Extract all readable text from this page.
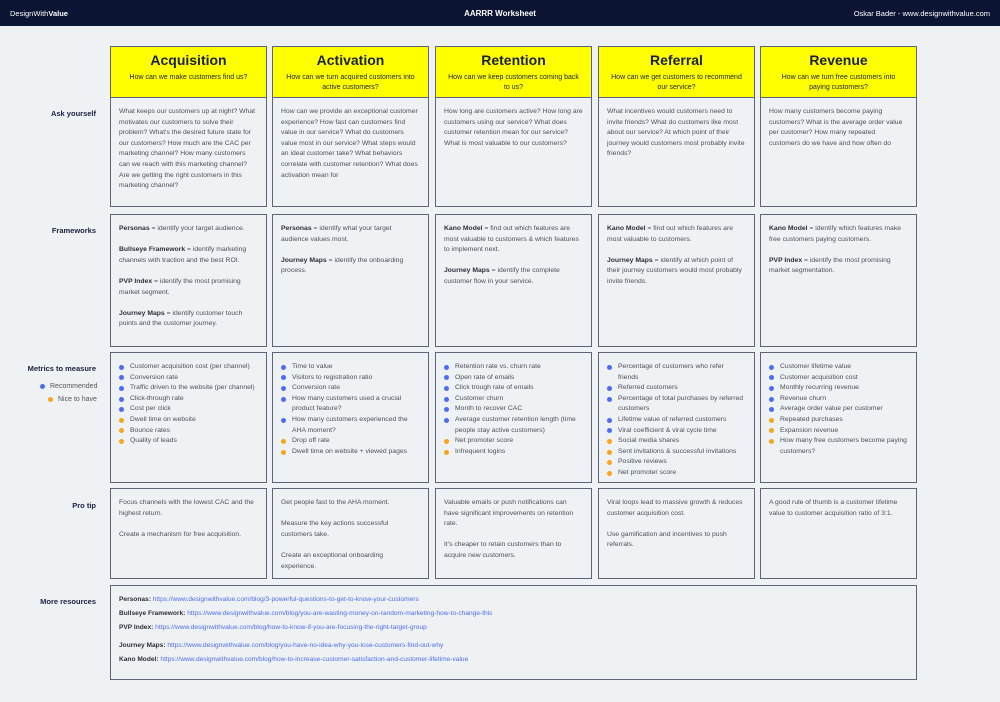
DesignWithValue	AARRR Worksheet	Oskar Bader - www.designwithvalue.com
Ask yourself
Frameworks
Metrics to measure
Recommended
Nice to have
Pro tip
More resources
Acquisition

How can we make customers find us?

What keeps our customers up at night? What motivates our customers to solve their problem? What's the desired future state for our customers? How much are the CAC per marketing channel? How many customers can we reach with this marketing channel? Are we getting the right customers in this marketing channel?

Personas = identify your target audience.

Bullseye Framework = identify marketing channels with traction and the best ROI.

PVP Index = identify the most promising market segment.

Journey Maps = identify customer touch points and the customer journey.

Customer acquisition cost (per channel)
Conversion rate
Traffic driven to the website (per channel)
Click-through rate
Cost per click
Dwell time on website
Bounce rates
Quality of leads

Focus channels with the lowest CAC and the highest return.

Create a mechanism for free acquisition.

Activation

How can we turn acquired customers into active customers?

How can we provide an exceptional customer experience? How fast can customers find value in our service? What do customers value most in our service? What steps would an ideal customer take? What behaviors correlate with customer retention? What does activation mean for

Personas = identify what your target audience values most.

Journey Maps = identify the onboarding process.

Time to value
Visitors to registration ratio
Conversion rate
How many customers used a crucial product feature?
How many customers experienced the AHA moment?
Drop off rate
Dwell time on website + viewed pages

Get people fast to the AHA moment.

Measure the key actions successful customers take.

Create an exceptional onboarding experience.

Retention

How can we keep customers coming back to us?

How long are customers active? How long are customers using our service? What does customer retention mean for our service? What is most valuable to our customers?

Kano Model = find out which features are most valuable to customers & which features to implement next.

Journey Maps = identify the complete customer flow in your service.

Retention rate vs. churn rate
Open rate of emails
Click trough rate of emails
Customer churn
Month to recover CAC
Average customer retention length (time people stay active customers)
Net promoter score
Infrequent logins

Valuable emails or push notifications can have significant improvements on retention rate.

It's cheaper to retain customers than to acquire new customers.

Referral

How can we get customers to recommend our service?

What incentives would customers need to invite friends? What do customers like most about our service? At which point of their journey would customers most probably invite friends?

Kano Model = find out which features are most valuable to customers.

Journey Maps = identify at which point of their journey customers would most probably invite friends.

Percentage of customers who refer friends
Referred customers
Percentage of total purchases by referred customers
Lifetime value of referred customers
Viral coefficient & viral cycle time
Social media shares
Sent invitations & successful invitations
Positive reviews
Net promoter score

Viral loops lead to massive growth & reduces customer acquisition cost.

Use gamification and incentives to push referrals.

Revenue

How can we turn free customers into paying customers?

How many customers become paying customers? What is the average order value per customer? How many repeated customers do we have and how often do

Kano Model = identify which features make free customers paying customers.

PVP Index = identify the most promising market segmentation.

Customer lifetime value
Customer acquisition cost
Monthly recurring revenue
Revenue churn
Average order value per customer
Repeated purchases
Expansion revenue
How many free customers become paying customers?

A good rule of thumb is a customer lifetime value to customer acquisition ratio of 3:1.

Personas: https://www.designwithvalue.com/blog/3-powerful-questions-to-get-to-know-your-customers
Bullseye Framework: https://www.designwithvalue.com/blog/you-are-wasting-money-on-random-marketing-how-to-change-this
PVP Index: https://www.designwithvalue.com/blog/how-to-know-if-you-are-focusing-the-right-target-group
Journey Maps: https://www.designwithvalue.com/blog/you-have-no-idea-why-you-lose-customers-find-out-why
Kano Model: https://www.designwithvalue.com/blog/how-to-increase-customer-satisfaction-and-customer-lifetime-value
